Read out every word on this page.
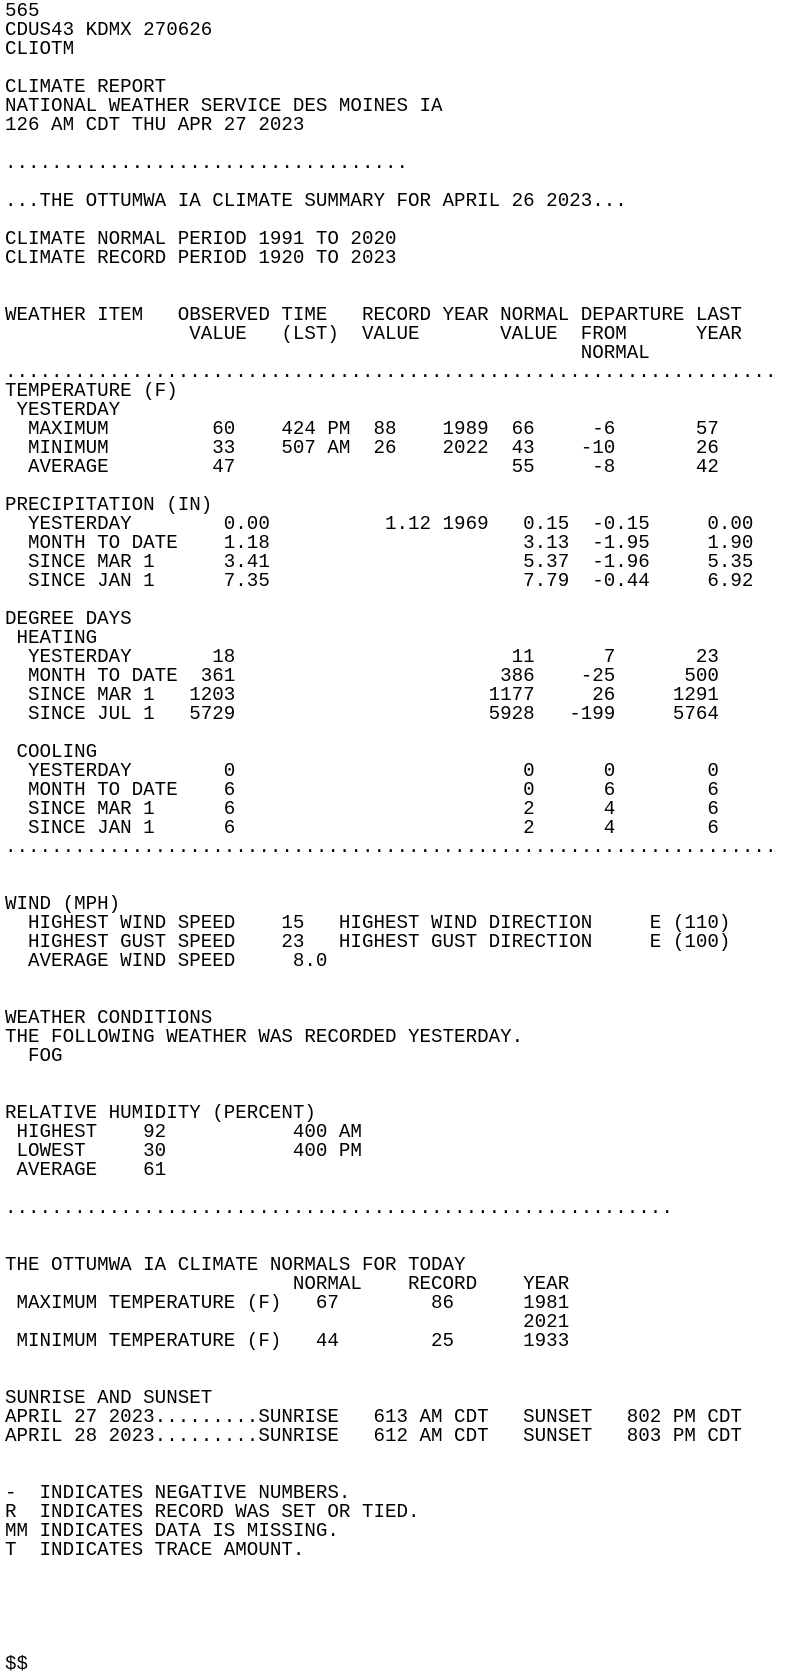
565
CDUS43 KDMX 270626
CLIOTM
CLIMATE REPORT
NATIONAL WEATHER SERVICE DES MOINES IA
126 AM CDT THU APR 27 2023
...................................
...THE OTTUMWA IA CLIMATE SUMMARY FOR APRIL 26 2023...
CLIMATE NORMAL PERIOD 1991 TO 2020
CLIMATE RECORD PERIOD 1920 TO 2023
WEATHER ITEM   OBSERVED TIME   RECORD YEAR NORMAL DEPARTURE LAST
VALUE   (LST)  VALUE       VALUE  FROM      YEAR
NORMAL
...................................................................
TEMPERATURE (F)
YESTERDAY
MAXIMUM         60    424 PM  88    1989  66     -6       57
MINIMUM         33    507 AM  26    2022  43    -10       26
AVERAGE         47                        55     -8       42
PRECIPITATION (IN)
YESTERDAY        0.00          1.12 1969   0.15  -0.15     0.00
MONTH TO DATE    1.18                      3.13  -1.95     1.90
SINCE MAR 1      3.41                      5.37  -1.96     5.35
SINCE JAN 1      7.35                      7.79  -0.44     6.92
DEGREE DAYS
HEATING
YESTERDAY       18                        11      7       23
MONTH TO DATE  361                       386    -25      500
SINCE MAR 1   1203                      1177     26     1291
SINCE JUL 1   5729                      5928   -199     5764
COOLING
YESTERDAY        0                         0      0        0
MONTH TO DATE    6                         0      6        6
SINCE MAR 1      6                         2      4        6
SINCE JAN 1      6                         2      4        6
...................................................................
WIND (MPH)
HIGHEST WIND SPEED    15   HIGHEST WIND DIRECTION     E (110)
HIGHEST GUST SPEED    23   HIGHEST GUST DIRECTION     E (100)
AVERAGE WIND SPEED     8.0
WEATHER CONDITIONS
THE FOLLOWING WEATHER WAS RECORDED YESTERDAY.
FOG
RELATIVE HUMIDITY (PERCENT)
HIGHEST    92           400 AM
LOWEST     30           400 PM
AVERAGE    61
..........................................................
THE OTTUMWA IA CLIMATE NORMALS FOR TODAY
NORMAL    RECORD    YEAR
MAXIMUM TEMPERATURE (F)   67        86      1981
2021
MINIMUM TEMPERATURE (F)   44        25      1933
SUNRISE AND SUNSET
APRIL 27 2023.........SUNRISE   613 AM CDT   SUNSET   802 PM CDT
APRIL 28 2023.........SUNRISE   612 AM CDT   SUNSET   803 PM CDT
-  INDICATES NEGATIVE NUMBERS.
R  INDICATES RECORD WAS SET OR TIED.
MM INDICATES DATA IS MISSING.
T  INDICATES TRACE AMOUNT.
$$
